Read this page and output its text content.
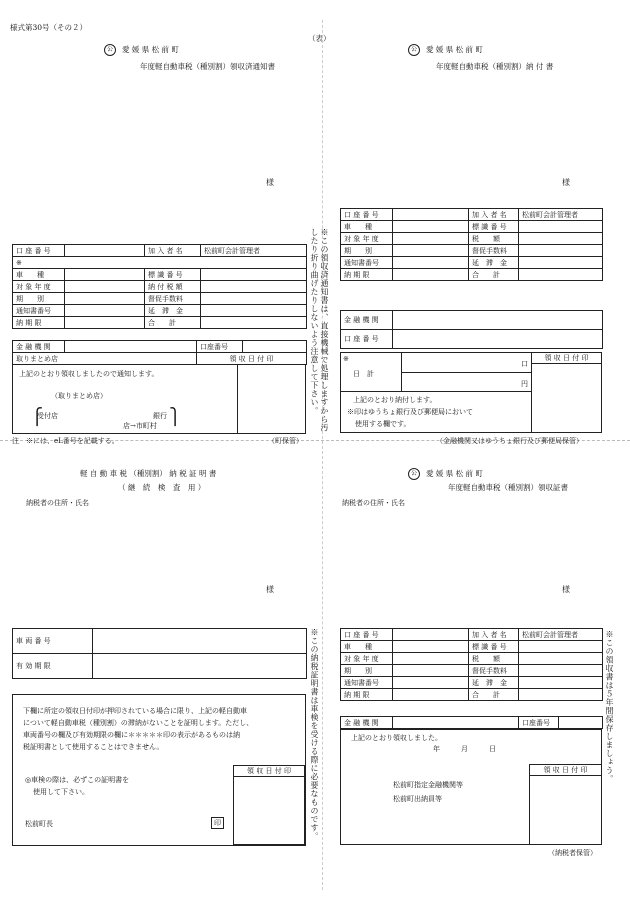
様式第30号（その２）
（表）
公 愛 媛 県 松 前 町
年度軽自動車税（種別割）領収済通知書
様
口 座 番 号		加 入 者 名	松前町会計管理者
※			
車　　種		標 識 番 号	
対 象 年 度		納 付 税 額	
期　　別		督促手数料	
通知書番号		延　滞　金	
納 期 限		合　　計	
金 融 機 関		口座番号	
取りまとめ店		領 収 日 付 印	
上記のとおり領収しましたので通知します。
（取りまとめ店）
受付店	銀行
店→市町村
⎧	⎫
注　※には、eL番号を記載する。	（町保管）
※この領収済通知書は、直接機械で処理しますから汚したり折り曲げたりしないよう注意して下さい。
公 愛 媛 県 松 前 町
年度軽自動車税（種別割）納 付 書
様
口 座 番 号		加 入 者 名	松前町会計管理者
車　　種		標 識 番 号	
対 象 年 度		税　　額	
期　　別		督促手数料	
通知書番号		延　滞　金	
納 期 限		合　　計	
金 融 機 関	
口 座 番 号	
※
日　計
口
円
上記のとおり納付します。
※印はゆうちょ銀行及び郵便局において
使用する欄です。
領 収 日 付 印
（金融機関又はゆうちょ銀行及び郵便局保管）
軽 自 動 車 税 （種別割） 納 税 証 明 書
（ 継　続　検　査　用 ）
納税者の住所・氏名
様
車 両 番 号	
有 効 期 限	
下欄に所定の領収日付印が押印されている場合に限り、上記の軽自動車
について軽自動車税（種別割）の滞納がないことを証明します。ただし、
車両番号の欄及び有効期限の欄に＊＊＊＊＊印の表示があるものは納
税証明書として使用することはできません。
◎車検の際は、必ずこの証明書を
使用して下さい。
松前町長	印
領 収 日 付 印	※この納税証明書は車検を受ける際に必要なものです。
公 愛 媛 県 松 前 町
年度軽自動車税（種別割）領収証書
納税者の住所・氏名
様
口 座 番 号		加 入 者 名	松前町会計管理者
車　　種		標 識 番 号	
対 象 年 度		税　　額	
期　　別		督促手数料	
通知書番号		延　滞　金	
納 期 限		合　　計	
金 融 機 関		口座番号	
上記のとおり領収しました。
年　　　月　　　日
松前町指定金融機関等
松前町出納員等
領 収 日 付 印
（納税者保管）
※この領収書は５年間保存しましょう。
